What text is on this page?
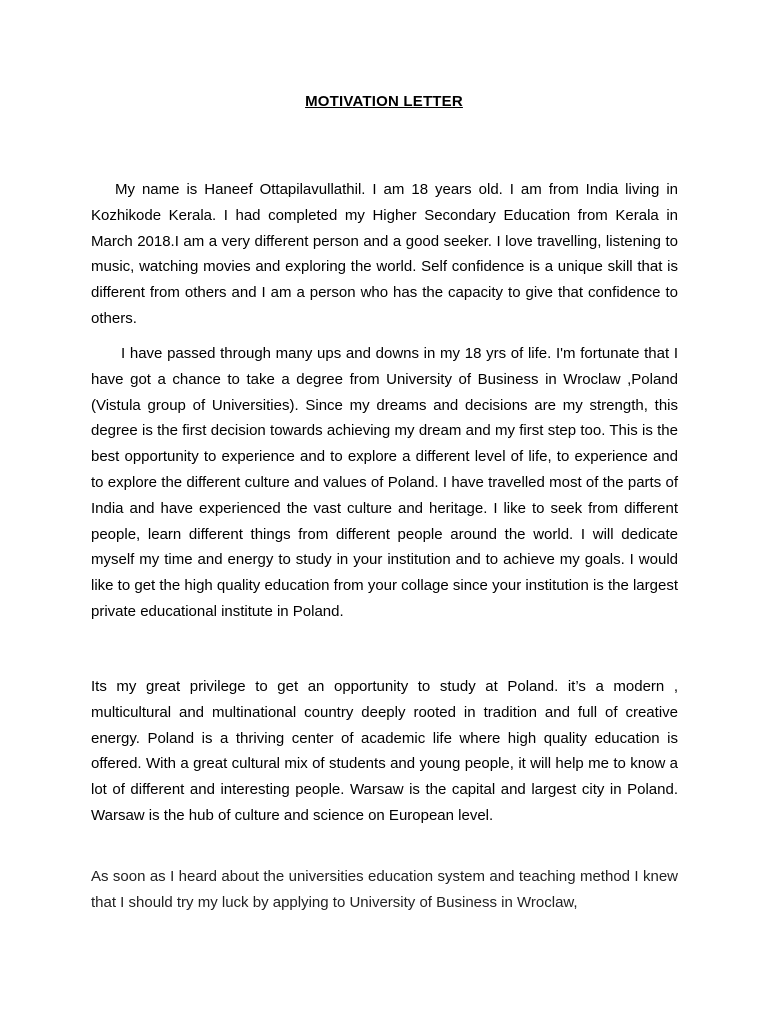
MOTIVATION LETTER

My name is Haneef Ottapilavullathil. I am 18 years old. I am from India living in Kozhikode Kerala. I had completed my Higher Secondary Education from Kerala in March 2018.I am a very different person and a good seeker. I love travelling, listening to music, watching movies and exploring the world. Self confidence is a unique skill that is different from others and I am a person who has the capacity to give that confidence to others.

I have passed through many ups and downs in my 18 yrs of life. I'm fortunate that I have got a chance to take a degree from University of Business in Wroclaw ,Poland (Vistula group of Universities). Since my dreams and decisions are my strength, this degree is the first decision towards achieving my dream and my first step too. This is the best opportunity to experience and to explore a different level of life, to experience and to explore the different culture and values of Poland. I have travelled most of the parts of India and have experienced the vast culture and heritage. I like to seek from different people, learn different things from different people around the world. I will dedicate myself my time and energy to study in your institution and to achieve my goals. I would like to get the high quality education from your collage since your institution is the largest private educational institute in Poland.

Its my great privilege to get an opportunity to study at Poland. it’s a modern , multicultural and multinational country deeply rooted in tradition and full of creative energy. Poland is a thriving center of academic life where high quality education is offered. With a great cultural mix of students and young people, it will help me to know a lot of different and interesting people. Warsaw is the capital and largest city in Poland. Warsaw is the hub of culture and science on European level.

As soon as I heard about the universities education system and teaching method I knew that I should try my luck by applying to University of Business in Wroclaw,
